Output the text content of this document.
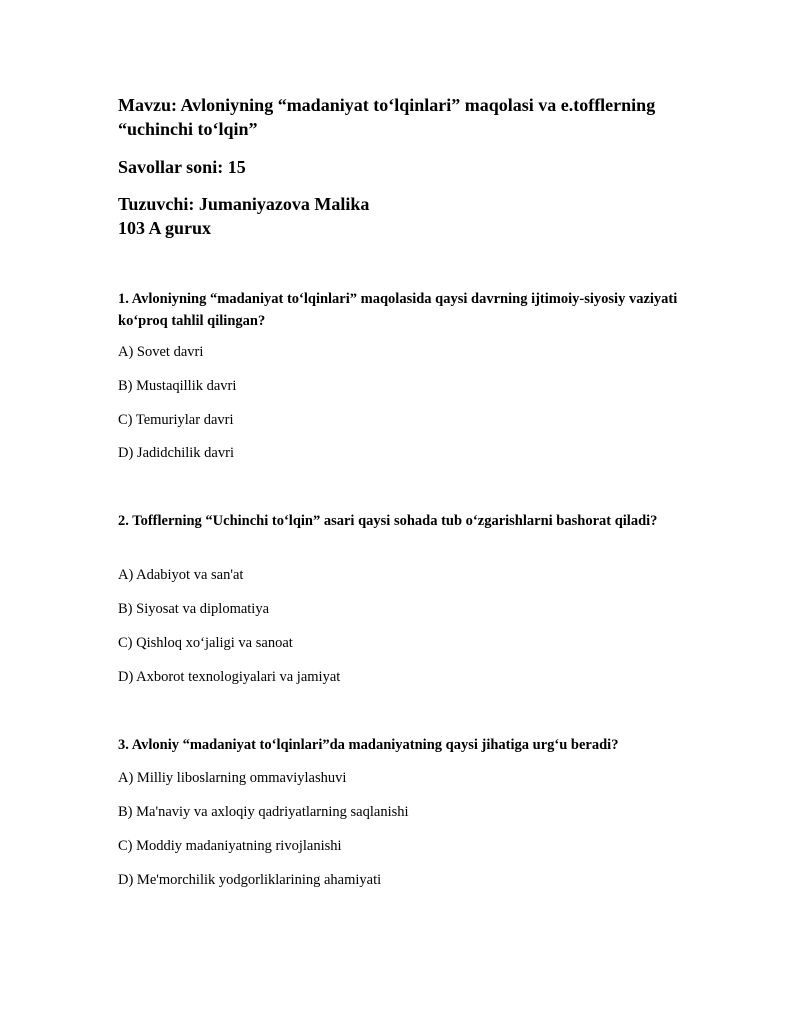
Mavzu: Avloniyning “madaniyat to‘lqinlari” maqolasi va e.tofflerning “uchinchi to‘lqin”

Savollar soni: 15

Tuzuvchi: Jumaniyazova Malika
103 A gurux

1. Avloniyning “madaniyat to‘lqinlari” maqolasida qaysi davrning ijtimoiy-siyosiy vaziyati ko‘proq tahlil qilingan?

A) Sovet davri

B) Mustaqillik davri

C) Temuriylar davri

D) Jadidchilik davri

2. Tofflerning “Uchinchi to‘lqin” asari qaysi sohada tub o‘zgarishlarni bashorat qiladi?

A) Adabiyot va san'at

B) Siyosat va diplomatiya

C) Qishloq xo‘jaligi va sanoat

D) Axborot texnologiyalari va jamiyat

3. Avloniy “madaniyat to‘lqinlari”da madaniyatning qaysi jihatiga urg‘u beradi?

A) Milliy liboslarning ommaviylashuvi

B) Ma'naviy va axloqiy qadriyatlarning saqlanishi

C) Moddiy madaniyatning rivojlanishi

D) Me'morchilik yodgorliklarining ahamiyati
